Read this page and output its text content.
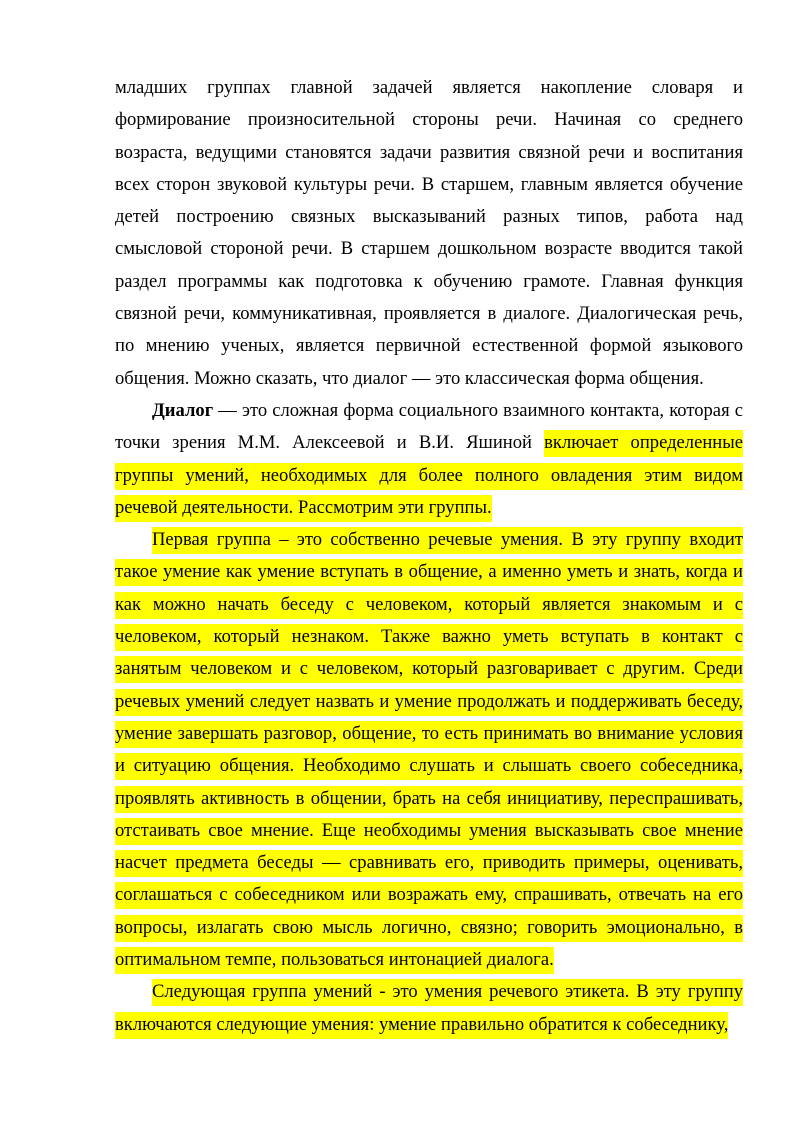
младших группах главной задачей является накопление словаря и формирование произносительной стороны речи. Начиная со среднего возраста, ведущими становятся задачи развития связной речи и воспитания всех сторон звуковой культуры речи. В старшем, главным является обучение детей построению связных высказываний разных типов, работа над смысловой стороной речи. В старшем дошкольном возрасте вводится такой раздел программы как подготовка к обучению грамоте. Главная функция связной речи, коммуникативная, проявляется в диалоге. Диалогическая речь, по мнению ученых, является первичной естественной формой языкового общения. Можно сказать, что диалог — это классическая форма общения.

Диалог — это сложная форма социального взаимного контакта, которая с точки зрения М.М. Алексеевой и В.И. Яшиной включает определенные группы умений, необходимых для более полного овладения этим видом речевой деятельности. Рассмотрим эти группы.

Первая группа – это собственно речевые умения. В эту группу входит такое умение как умение вступать в общение, а именно уметь и знать, когда и как можно начать беседу с человеком, который является знакомым и с человеком, который незнаком. Также важно уметь вступать в контакт с занятым человеком и с человеком, который разговаривает с другим. Среди речевых умений следует назвать и умение продолжать и поддерживать беседу, умение завершать разговор, общение, то есть принимать во внимание условия и ситуацию общения. Необходимо слушать и слышать своего собеседника, проявлять активность в общении, брать на себя инициативу, переспрашивать, отстаивать свое мнение. Еще необходимы умения высказывать свое мнение насчет предмета беседы — сравнивать его, приводить примеры, оценивать, соглашаться с собеседником или возражать ему, спрашивать, отвечать на его вопросы, излагать свою мысль логично, связно; говорить эмоционально, в оптимальном темпе, пользоваться интонацией диалога.

Следующая группа умений - это умения речевого этикета. В эту группу включаются следующие умения: умение правильно обратится к собеседнику,
